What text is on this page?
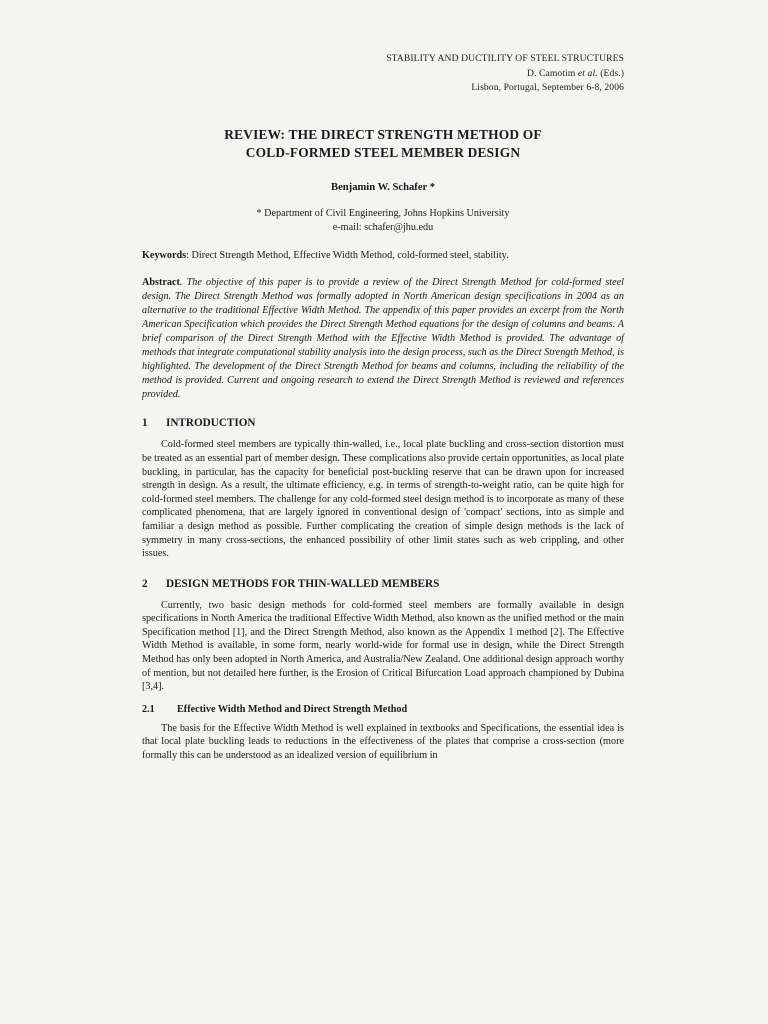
STABILITY AND DUCTILITY OF STEEL STRUCTURES
D. Camotim et al. (Eds.)
Lisbon, Portugal, September 6-8, 2006
REVIEW: THE DIRECT STRENGTH METHOD OF
COLD-FORMED STEEL MEMBER DESIGN
Benjamin W. Schafer *
* Department of Civil Engineering, Johns Hopkins University
e-mail: schafer@jhu.edu
Keywords: Direct Strength Method, Effective Width Method, cold-formed steel, stability.
Abstract. The objective of this paper is to provide a review of the Direct Strength Method for cold-formed steel design. The Direct Strength Method was formally adopted in North American design specifications in 2004 as an alternative to the traditional Effective Width Method. The appendix of this paper provides an excerpt from the North American Specification which provides the Direct Strength Method equations for the design of columns and beams. A brief comparison of the Direct Strength Method with the Effective Width Method is provided. The advantage of methods that integrate computational stability analysis into the design process, such as the Direct Strength Method, is highlighted. The development of the Direct Strength Method for beams and columns, including the reliability of the method is provided. Current and ongoing research to extend the Direct Strength Method is reviewed and references provided.
1	INTRODUCTION

Cold-formed steel members are typically thin-walled, i.e., local plate buckling and cross-section distortion must be treated as an essential part of member design. These complications also provide certain opportunities, as local plate buckling, in particular, has the capacity for beneficial post-buckling reserve that can be drawn upon for increased strength in design. As a result, the ultimate efficiency, e.g. in terms of strength-to-weight ratio, can be quite high for cold-formed steel members. The challenge for any cold-formed steel design method is to incorporate as many of these complicated phenomena, that are largely ignored in conventional design of 'compact' sections, into as simple and familiar a design method as possible. Further complicating the creation of simple design methods is the lack of symmetry in many cross-sections, the enhanced possibility of other limit states such as web crippling, and other issues.

2	DESIGN METHODS FOR THIN-WALLED MEMBERS

Currently, two basic design methods for cold-formed steel members are formally available in design specifications in North America the traditional Effective Width Method, also known as the unified method or the main Specification method [1], and the Direct Strength Method, also known as the Appendix 1 method [2]. The Effective Width Method is available, in some form, nearly world-wide for formal use in design, while the Direct Strength Method has only been adopted in North America, and Australia/New Zealand. One additional design approach worthy of mention, but not detailed here further, is the Erosion of Critical Bifurcation Load approach championed by Dubina [3,4].

2.1	Effective Width Method and Direct Strength Method

The basis for the Effective Width Method is well explained in textbooks and Specifications, the essential idea is that local plate buckling leads to reductions in the effectiveness of the plates that comprise a cross-section (more formally this can be understood as an idealized version of equilibrium in
